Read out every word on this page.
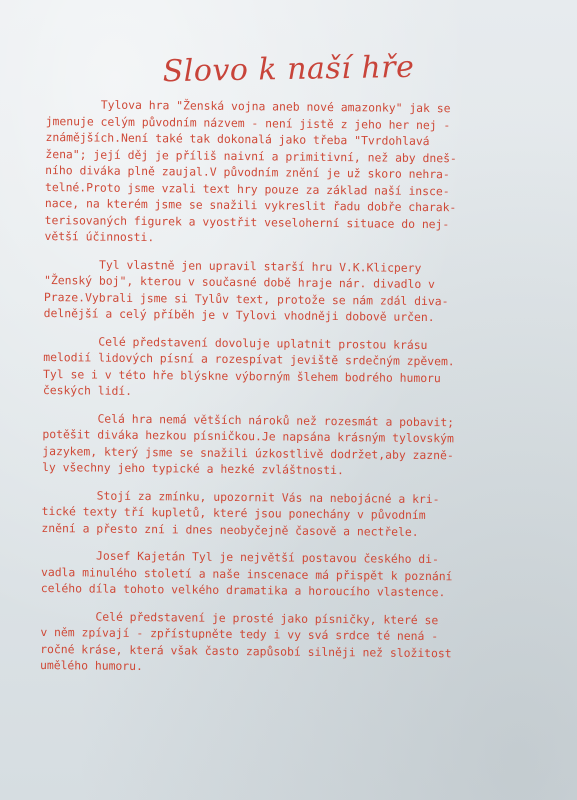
Slovo k naší hře
Tylova hra "Ženská vojna aneb nové amazonky" jak se
jmenuje celým původním názvem - není jistě z jeho her nej -
známějších.Není také tak dokonalá jako třeba "Tvrdohlavá
žena"; její děj je příliš naivní a primitivní, než aby dneš-
ního diváka plně zaujal.V původním znění je už skoro nehra-
telné.Proto jsme vzali text hry pouze za základ naší insce-
nace, na kterém jsme se snažili vykreslit řadu dobře charak-
terisovaných figurek a vyostřit veseloherní situace do nej-
větší účinnosti.
Tyl vlastně jen upravil starší hru V.K.Klicpery
"Ženský boj", kterou v současné době hraje nár. divadlo v
Praze.Vybrali jsme si Tylův text, protože se nám zdál diva-
delnější a celý příběh je v Tylovi vhodněji dobově určen.
Celé představení dovoluje uplatnit prostou krásu
melodií lidových písní a rozespívat jeviště srdečným zpěvem.
Tyl se i v této hře blýskne výborným šlehem bodrého humoru
českých lidí.
Celá hra nemá větších nároků než rozesmát a pobavit;
potěšit diváka hezkou písničkou.Je napsána krásným tylovským
jazykem, který jsme se snažili úzkostlivě dodržet,aby zazně-
ly všechny jeho typické a hezké zvláštnosti.
Stojí za zmínku, upozornit Vás na nebojácné a kri-
tické texty tří kupletů, které jsou ponechány v původním
znění a přesto zní i dnes neobyčejně časově a nectřele.
Josef Kajetán Tyl je největší postavou českého di-
vadla minulého století a naše inscenace má přispět k poznání
celého díla tohoto velkého dramatika a horoucího vlastence.
Celé představení je prosté jako písničky, které se
v něm zpívají - zpřístupněte tedy i vy svá srdce té nená -
ročné kráse, která však často zapůsobí silněji než složitost
umělého humoru.
